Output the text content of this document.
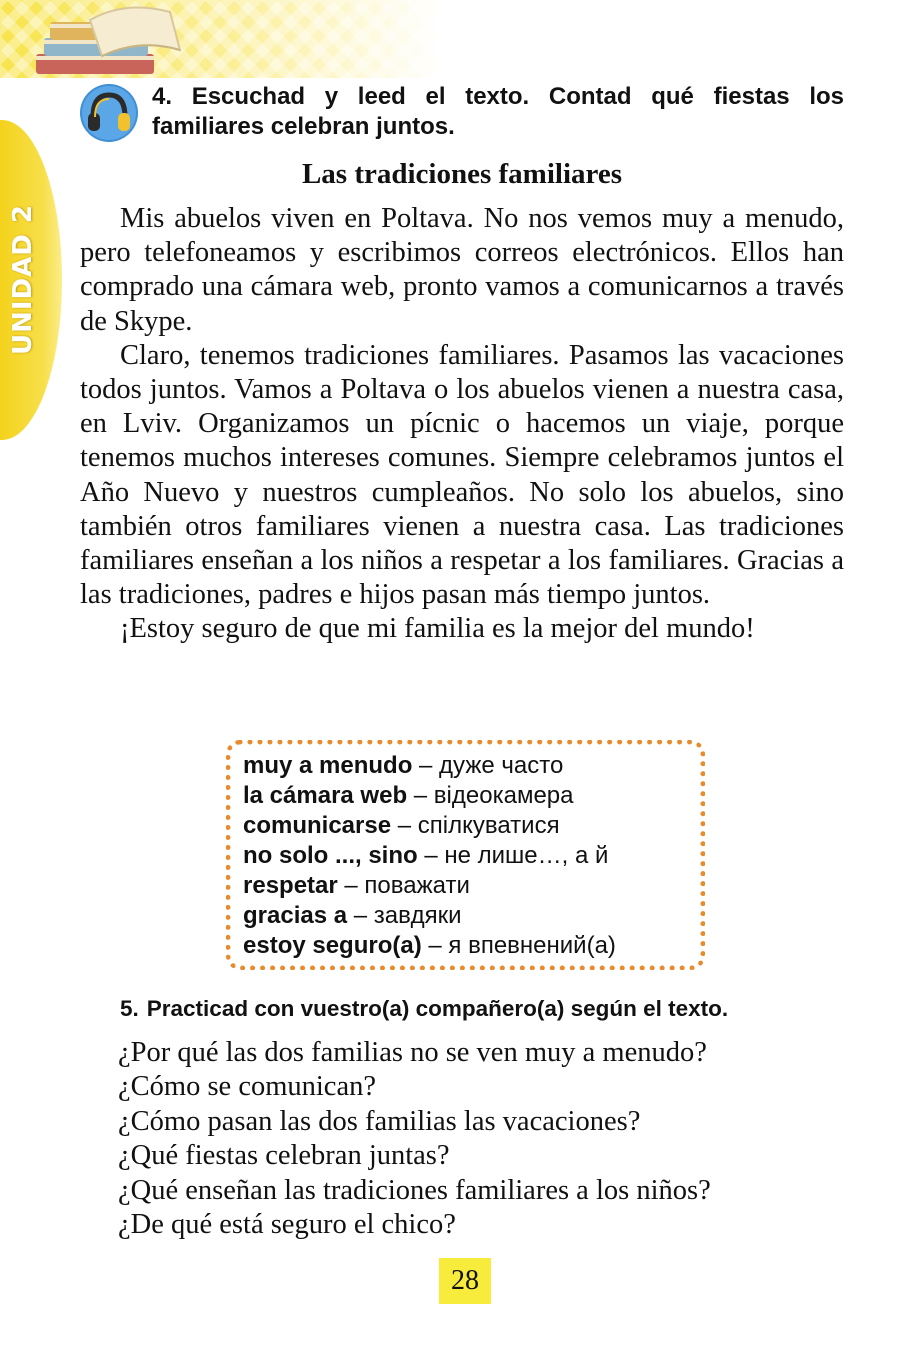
UNIDAD 2
4. Escuchad y leed el texto. Contad qué fiestas los familiares celebran juntos.
Las tradiciones familiares

Mis abuelos viven en Poltava. No nos vemos muy a menudo, pero telefoneamos y escribimos correos electrónicos. Ellos han comprado una cámara web, pronto vamos a comunicarnos a través de Skype.

Claro, tenemos tradiciones familiares. Pasamos las vacaciones todos juntos. Vamos a Poltava o los abuelos vienen a nuestra casa, en Lviv. Organizamos un pícnic o hacemos un viaje, porque tenemos muchos intereses comunes. Siempre celebramos juntos el Año Nuevo y nuestros cumpleaños. No solo los abuelos, sino también otros familiares vienen a nuestra casa. Las tradiciones familiares enseñan a los niños a respetar a los familiares. Gracias a las tradiciones, padres e hijos pasan más tiempo juntos.

¡Estoy seguro de que mi familia es la mejor del mundo!

muy a menudo – дуже часто
la cámara web – відеокамера
comunicarse – спілкуватися
no solo ..., sino – не лише…, а й
respetar – поважати
gracias a – завдяки
estoy seguro(a) – я впевнений(а)
5. Practicad con vuestro(a) compañero(a) según el texto.
¿Por qué las dos familias no se ven muy a menudo?
¿Cómo se comunican?
¿Cómo pasan las dos familias las vacaciones?
¿Qué fiestas celebran juntas?
¿Qué enseñan las tradiciones familiares a los niños?
¿De qué está seguro el chico?
28
